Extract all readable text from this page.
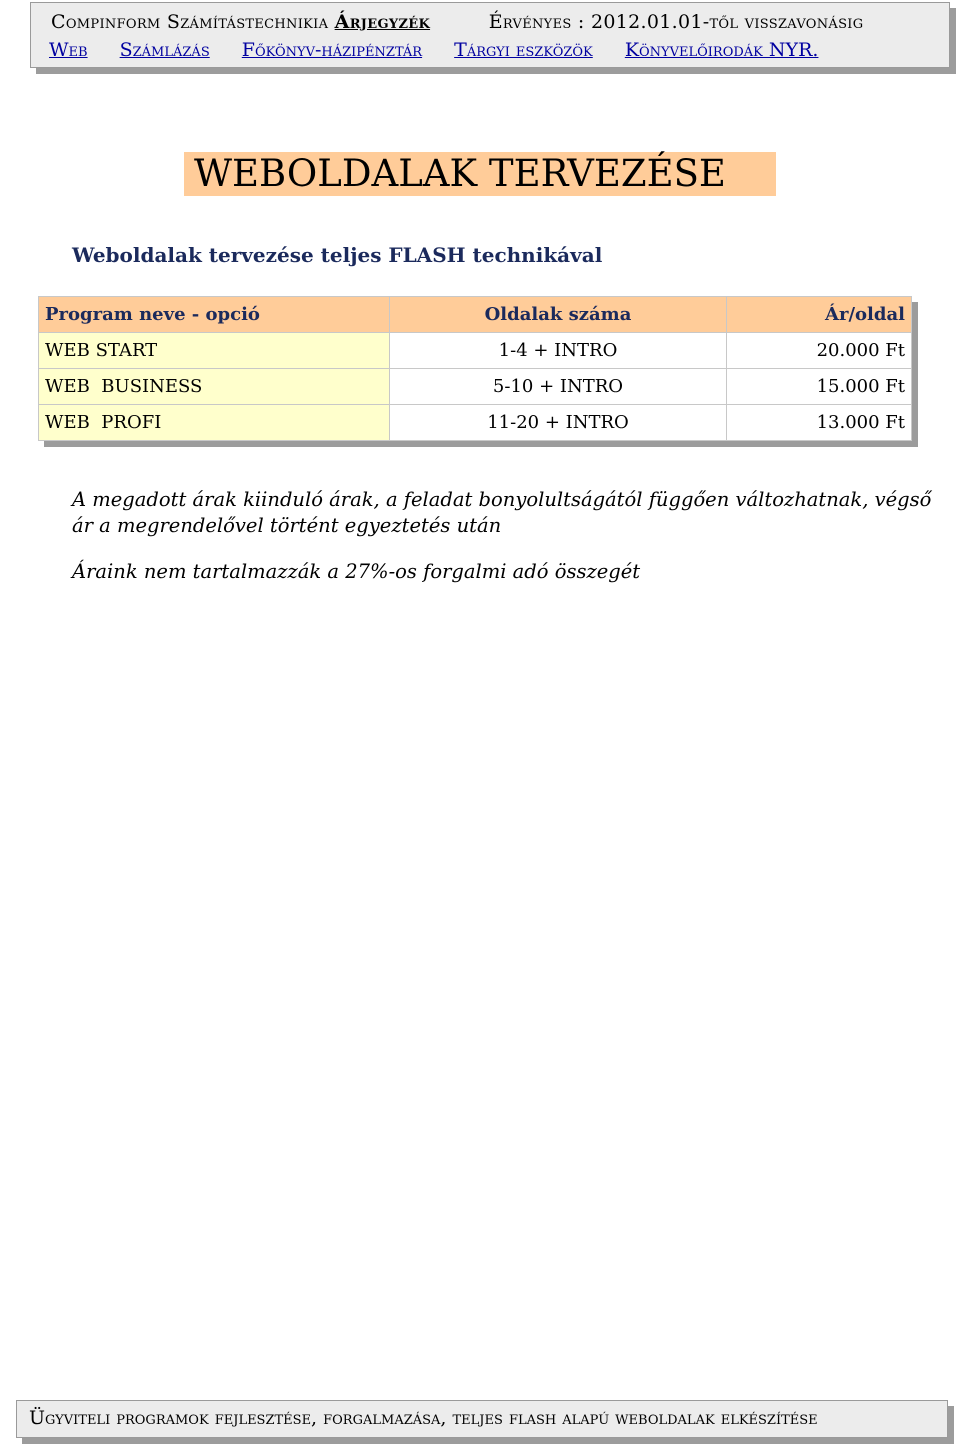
Compinform Számítástechnikia Árjegyzék	Érvényes : 2012.01.01-től visszavonásig
Web Számlázás Főkönyv-házipénztár Tárgyi eszközök Könyvelőirodák NYR.
WEBOLDALAK TERVEZÉSE
Weboldalak tervezése teljes FLASH technikával
Program neve - opció	Oldalak száma	Ár/oldal
WEB START	1-4 + INTRO	20.000 Ft
WEB  BUSINESS	5-10 + INTRO	15.000 Ft
WEB  PROFI	11-20 + INTRO	13.000 Ft
A megadott árak kiinduló árak, a feladat bonyolultságától függően változhatnak, végső ár a megrendelővel történt egyeztetés után
Áraink nem tartalmazzák a 27%-os forgalmi adó összegét
Ügyviteli programok fejlesztése, forgalmazása, teljes flash alapú weboldalak elkészítése
